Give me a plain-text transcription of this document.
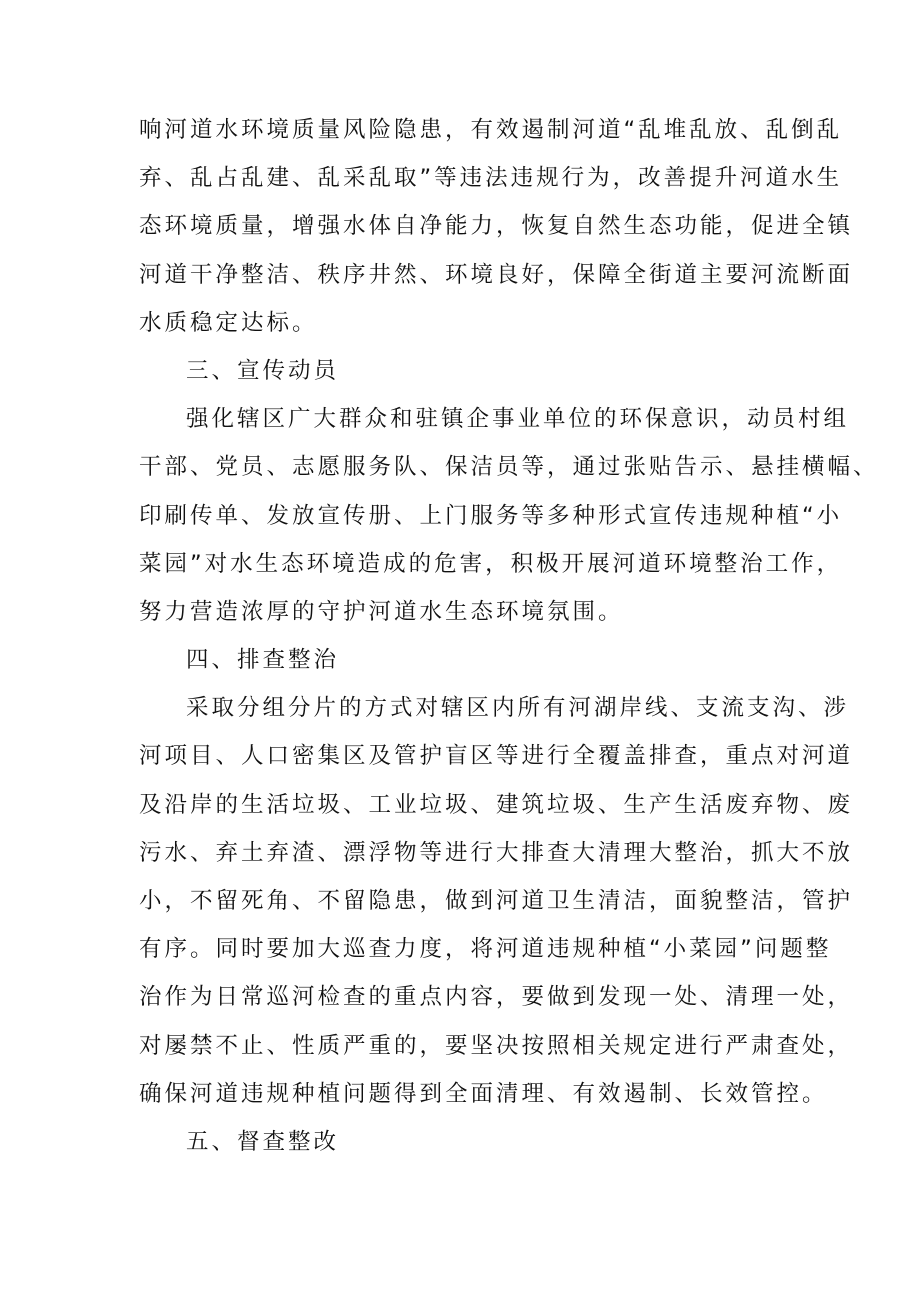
响河道水环境质量风险隐患，有效遏制河道“乱堆乱放、乱倒乱
弃、乱占乱建、乱采乱取”等违法违规行为，改善提升河道水生
态环境质量，增强水体自净能力，恢复自然生态功能，促进全镇
河道干净整洁、秩序井然、环境良好，保障全街道主要河流断面
水质稳定达标。
三、宣传动员
强化辖区广大群众和驻镇企事业单位的环保意识，动员村组
干部、党员、志愿服务队、保洁员等，通过张贴告示、悬挂横幅、
印刷传单、发放宣传册、上门服务等多种形式宣传违规种植“小
菜园”对水生态环境造成的危害，积极开展河道环境整治工作，
努力营造浓厚的守护河道水生态环境氛围。
四、排查整治
采取分组分片的方式对辖区内所有河湖岸线、支流支沟、涉
河项目、人口密集区及管护盲区等进行全覆盖排查，重点对河道
及沿岸的生活垃圾、工业垃圾、建筑垃圾、生产生活废弃物、废
污水、弃土弃渣、漂浮物等进行大排查大清理大整治，抓大不放
小，不留死角、不留隐患，做到河道卫生清洁，面貌整洁，管护
有序。同时要加大巡查力度，将河道违规种植“小菜园”问题整
治作为日常巡河检查的重点内容，要做到发现一处、清理一处，
对屡禁不止、性质严重的，要坚决按照相关规定进行严肃查处，
确保河道违规种植问题得到全面清理、有效遏制、长效管控。
五、督查整改
